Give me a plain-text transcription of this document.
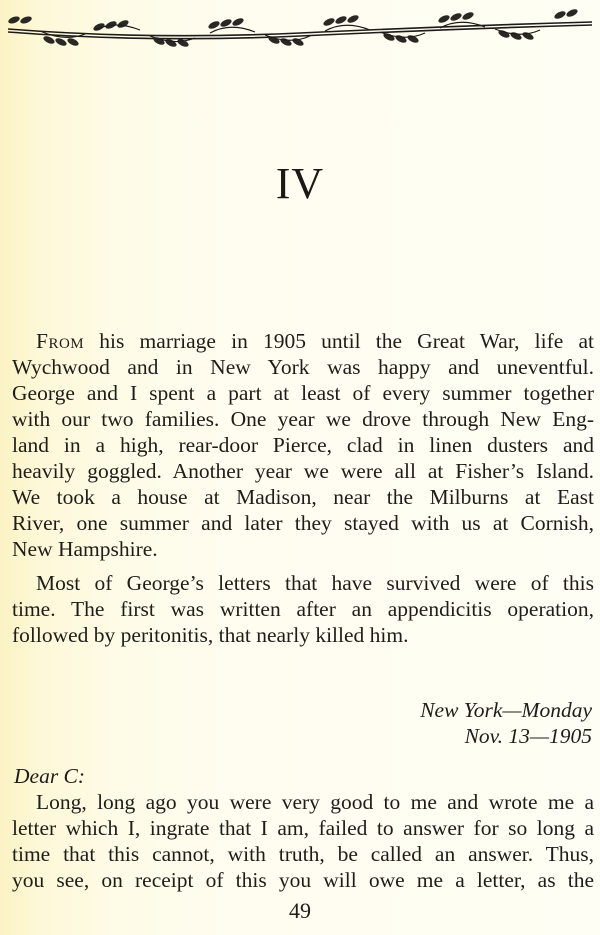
IV
From his marriage in 1905 until the Great War, life at
Wychwood and in New York was happy and uneventful.
George and I spent a part at least of every summer together
with our two families. One year we drove through New Eng-
land in a high, rear-door Pierce, clad in linen dusters and
heavily goggled. Another year we were all at Fisher’s Island.
We took a house at Madison, near the Milburns at East
River, one summer and later they stayed with us at Cornish,
New Hampshire.
Most of George’s letters that have survived were of this
time. The first was written after an appendicitis operation,
followed by peritonitis, that nearly killed him.
New York—Monday
Nov. 13—1905
Dear C:
Long, long ago you were very good to me and wrote me a
letter which I, ingrate that I am, failed to answer for so long a
time that this cannot, with truth, be called an answer. Thus,
you see, on receipt of this you will owe me a letter, as the
49
